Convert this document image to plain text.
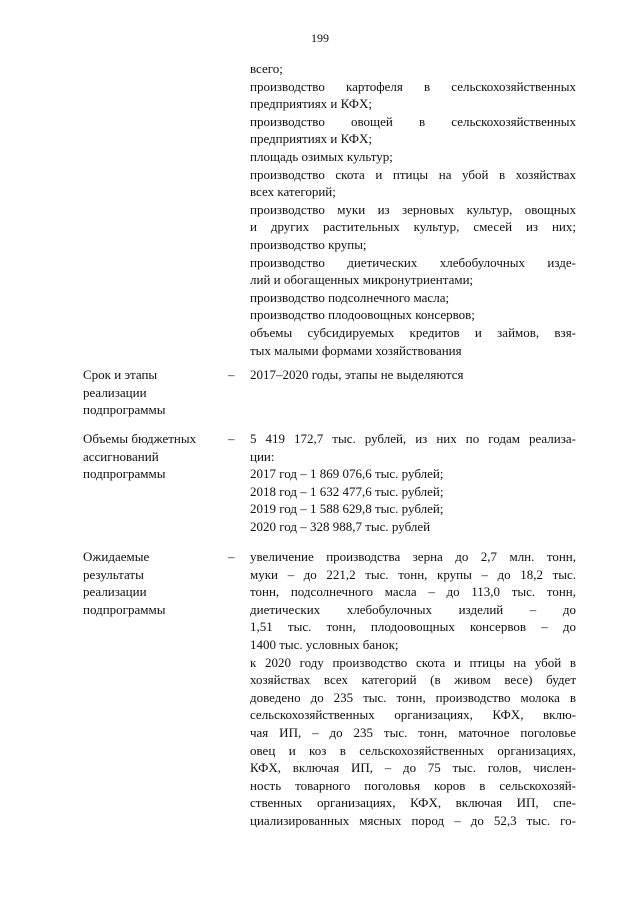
199
всего;
производство картофеля в сельскохозяйственных
предприятиях и КФХ;
производство овощей в сельскохозяйственных
предприятиях и КФХ;
площадь озимых культур;
производство скота и птицы на убой в хозяйствах
всех категорий;
производство муки из зерновых культур, овощных
и других растительных культур, смесей из них;
производство крупы;
производство диетических хлебобулочных изде-
лий и обогащенных микронутриентами;
производство подсолнечного масла;
производство плодоовощных консервов;
объемы субсидируемых кредитов и займов, взя-
тых малыми формами хозяйствования
Срок и этапы
реализации
подпрограммы
– 2017–2020 годы, этапы не выделяются
Объемы бюджетных
ассигнований
подпрограммы
– 5 419 172,7 тыс. рублей, из них по годам реализа-
ции:
2017 год – 1 869 076,6 тыс. рублей;
2018 год – 1 632 477,6 тыс. рублей;
2019 год – 1 588 629,8 тыс. рублей;
2020 год – 328 988,7 тыс. рублей
Ожидаемые
результаты
реализации
подпрограммы
– увеличение производства зерна до 2,7 млн. тонн,
муки – до 221,2 тыс. тонн, крупы – до 18,2 тыс.
тонн, подсолнечного масла – до 113,0 тыс. тонн,
диетических хлебобулочных изделий – до
1,51 тыс. тонн, плодоовощных консервов – до
1400 тыс. условных банок;
к 2020 году производство скота и птицы на убой в
хозяйствах всех категорий (в живом весе) будет
доведено до 235 тыс. тонн, производство молока в
сельскохозяйственных организациях, КФХ, вклю-
чая ИП, – до 235 тыс. тонн, маточное поголовье
овец и коз в сельскохозяйственных организациях,
КФХ, включая ИП, – до 75 тыс. голов, числен-
ность товарного поголовья коров в сельскохозяй-
ственных организациях, КФХ, включая ИП, спе-
циализированных мясных пород – до 52,3 тыс. го-
